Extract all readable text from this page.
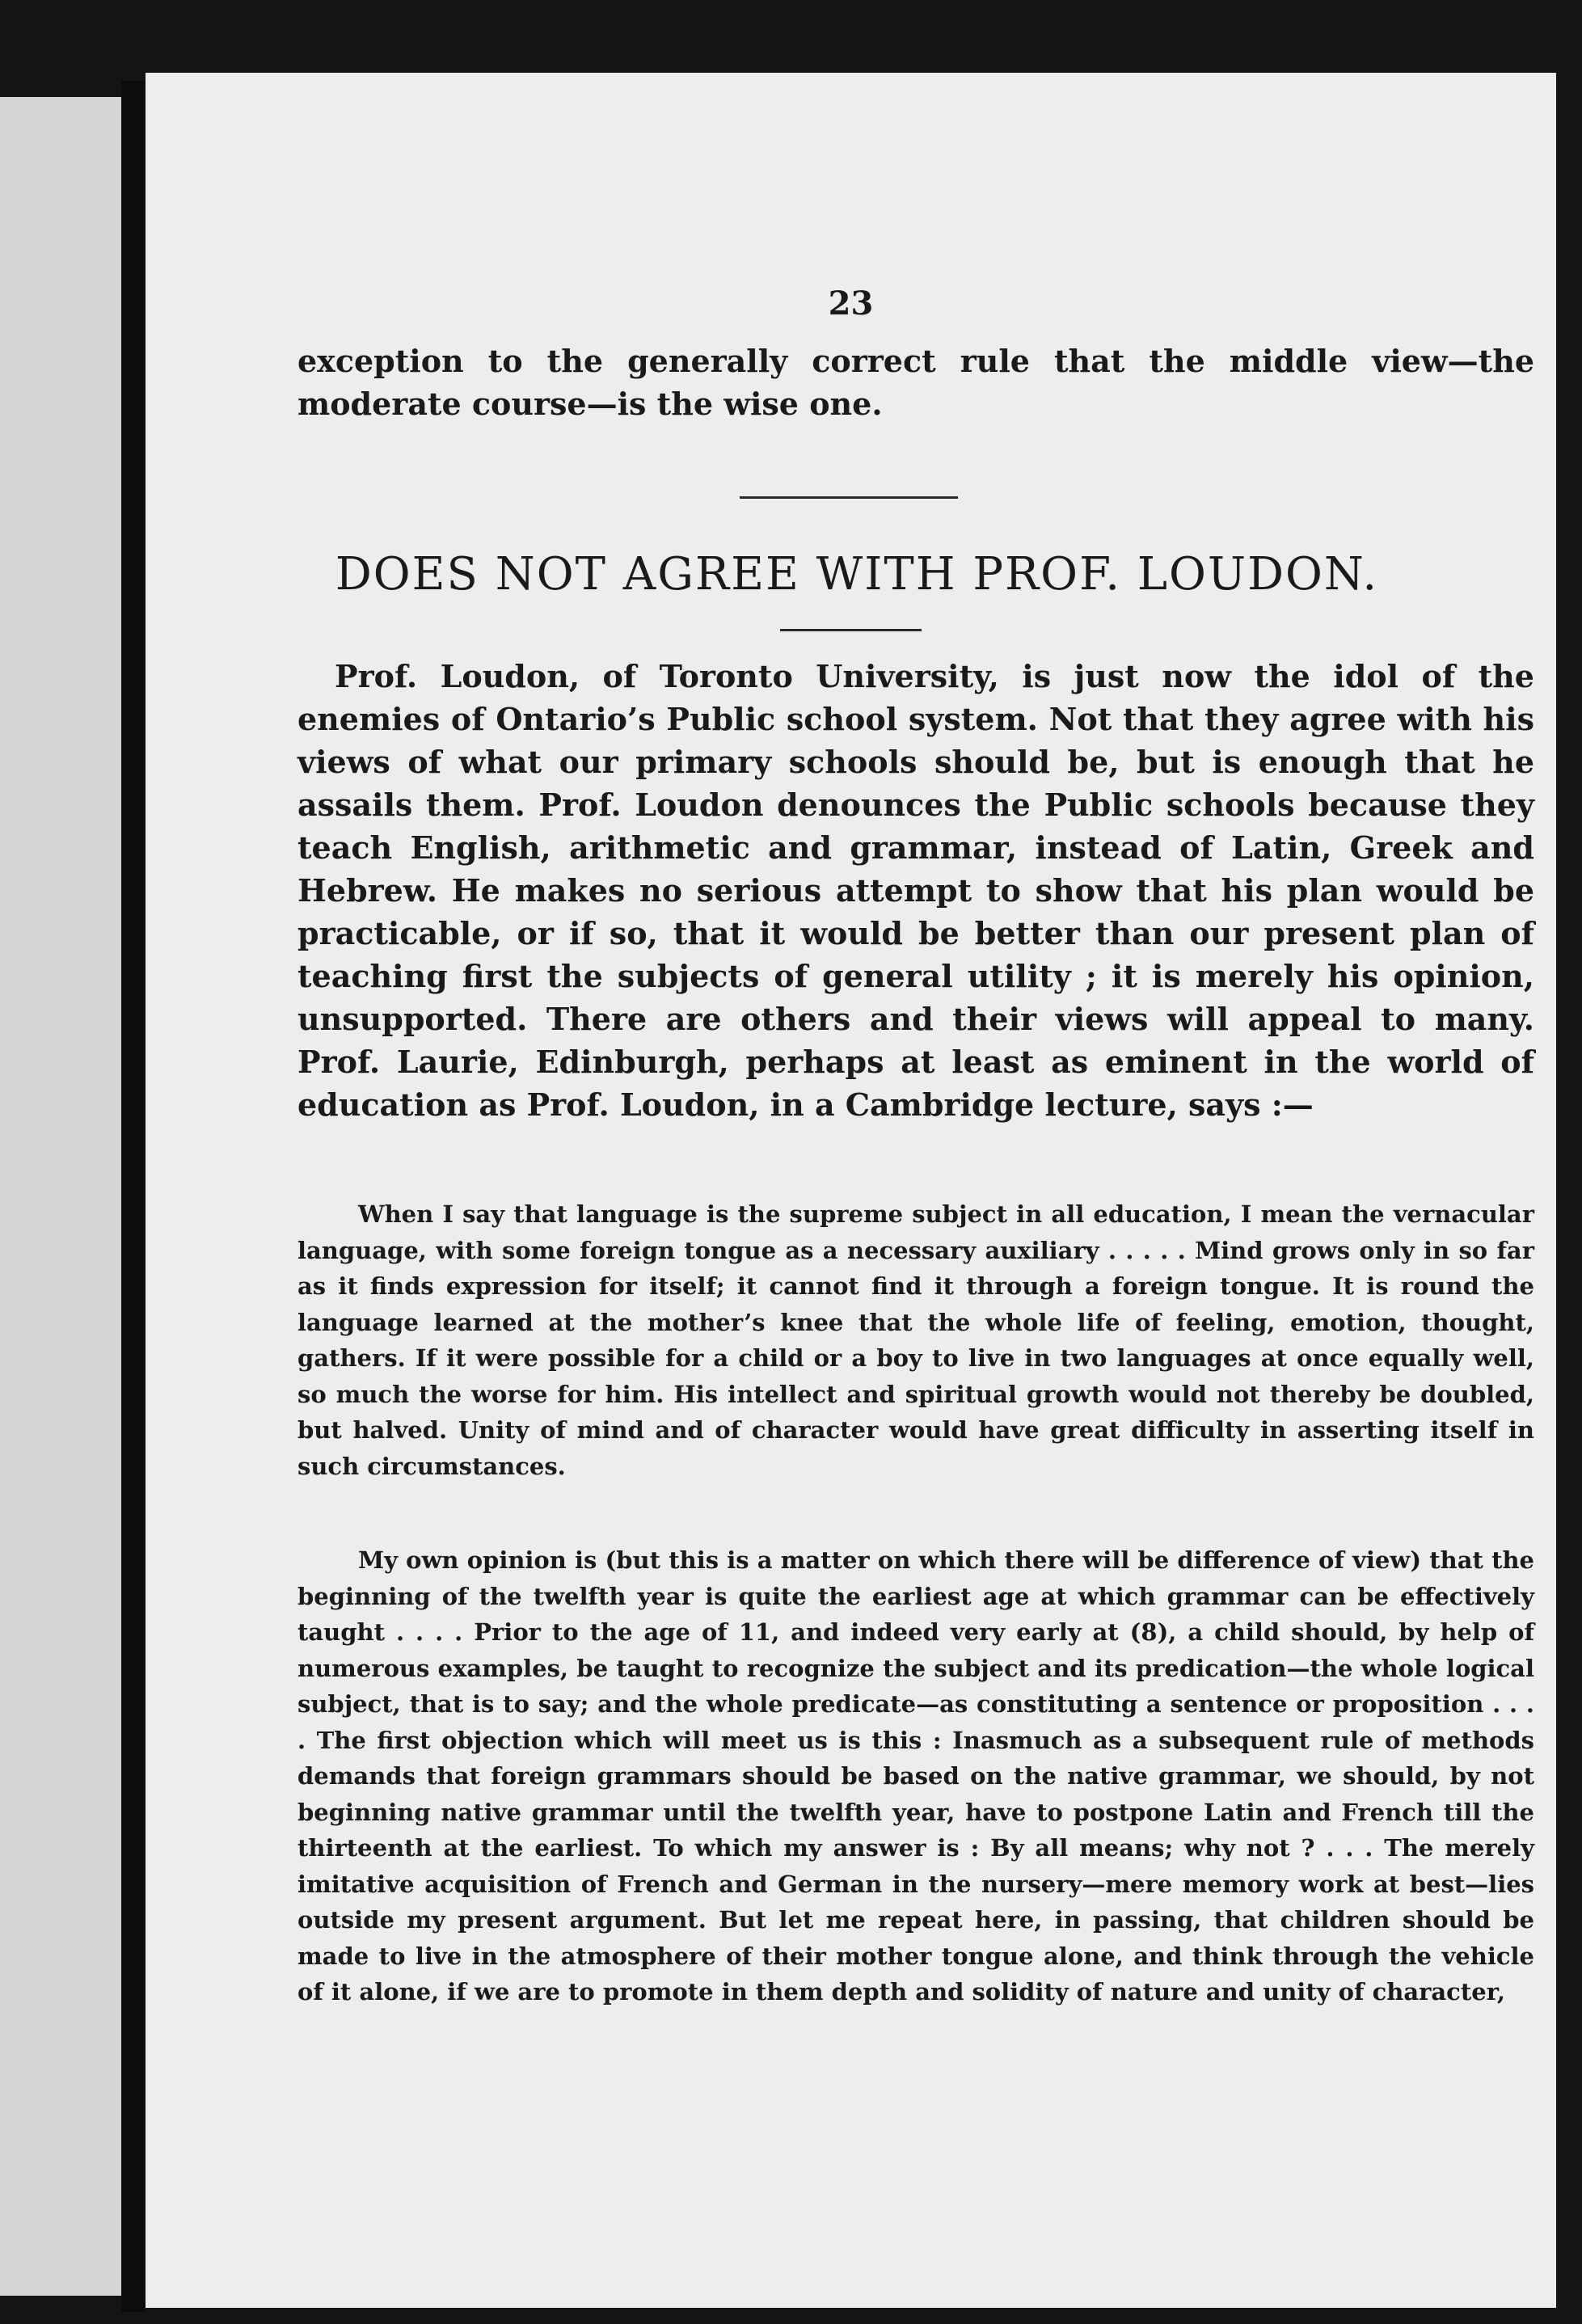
23

exception to the generally correct rule that the middle view—the moderate course—is the wise one.

DOES NOT AGREE WITH PROF. LOUDON.

Prof. Loudon, of Toronto University, is just now the idol of the enemies of Ontario’s Public school system. Not that they agree with his views of what our primary schools should be, but is enough that he assails them. Prof. Loudon denounces the Public schools because they teach English, arithmetic and grammar, instead of Latin, Greek and Hebrew. He makes no serious attempt to show that his plan would be practicable, or if so, that it would be better than our present plan of teaching first the subjects of general utility ; it is merely his opinion, unsupported. There are others and their views will appeal to many. Prof. Laurie, Edinburgh, perhaps at least as eminent in the world of education as Prof. Loudon, in a Cambridge lecture, says :—

When I say that language is the supreme subject in all education, I mean the vernacular language, with some foreign tongue as a necessary auxiliary . . . . . Mind grows only in so far as it finds expression for itself; it cannot find it through a foreign tongue. It is round the language learned at the mother’s knee that the whole life of feeling, emotion, thought, gathers. If it were possible for a child or a boy to live in two languages at once equally well, so much the worse for him. His intellect and spiritual growth would not thereby be doubled, but halved. Unity of mind and of character would have great difficulty in asserting itself in such circumstances.

My own opinion is (but this is a matter on which there will be difference of view) that the beginning of the twelfth year is quite the earliest age at which grammar can be effectively taught . . . . Prior to the age of 11, and indeed very early at (8), a child should, by help of numerous examples, be taught to recognize the subject and its predication—the whole logical subject, that is to say; and the whole predicate—as constituting a sentence or proposition . . . . The first objection which will meet us is this : Inasmuch as a subsequent rule of methods demands that foreign grammars should be based on the native grammar, we should, by not beginning native grammar until the twelfth year, have to postpone Latin and French till the thirteenth at the earliest. To which my answer is : By all means; why not ? . . . The merely imitative acquisition of French and German in the nursery—mere memory work at best—lies outside my present argument. But let me repeat here, in passing, that children should be made to live in the atmosphere of their mother tongue alone, and think through the vehicle of it alone, if we are to promote in them depth and solidity of nature and unity of character,
